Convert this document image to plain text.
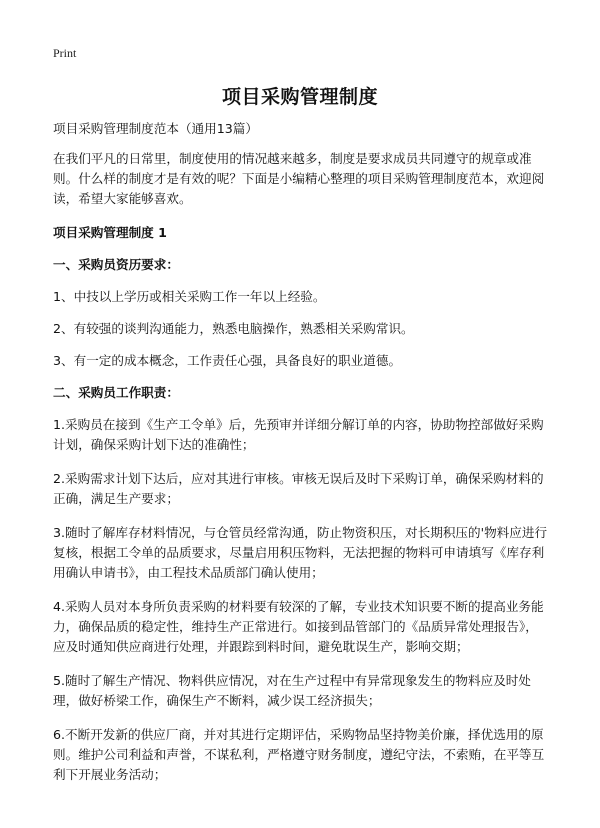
Print
项目采购管理制度

项目采购管理制度范本（通用13篇）

在我们平凡的日常里，制度使用的情况越来越多，制度是要求成员共同遵守的规章或准则。什么样的制度才是有效的呢？下面是小编精心整理的项目采购管理制度范本，欢迎阅读，希望大家能够喜欢。

项目采购管理制度 1

一、采购员资历要求：

1、中技以上学历或相关采购工作一年以上经验。

2、有较强的谈判沟通能力，熟悉电脑操作，熟悉相关采购常识。

3、有一定的成本概念，工作责任心强，具备良好的职业道德。

二、采购员工作职责：

1.采购员在接到《生产工令单》后，先预审并详细分解订单的内容，协助物控部做好采购计划，确保采购计划下达的准确性；

2.采购需求计划下达后，应对其进行审核。审核无误后及时下采购订单，确保采购材料的正确，满足生产要求；

3.随时了解库存材料情况，与仓管员经常沟通，防止物资积压，对长期积压的'物料应进行复核，根据工令单的品质要求，尽量启用积压物料，无法把握的物料可申请填写《库存利用确认申请书》，由工程技术品质部门确认使用；

4.采购人员对本身所负责采购的材料要有较深的了解，专业技术知识要不断的提高业务能力，确保品质的稳定性，维持生产正常进行。如接到品管部门的《品质异常处理报告》，应及时通知供应商进行处理，并跟踪到料时间，避免耽误生产，影响交期；

5.随时了解生产情况、物料供应情况，对在生产过程中有异常现象发生的物料应及时处理，做好桥梁工作，确保生产不断料，减少误工经济损失；

6.不断开发新的供应厂商，并对其进行定期评估，采购物品坚持物美价廉，择优选用的原则。维护公司利益和声誉，不谋私利，严格遵守财务制度，遵纪守法，不索贿，在平等互利下开展业务活动；
